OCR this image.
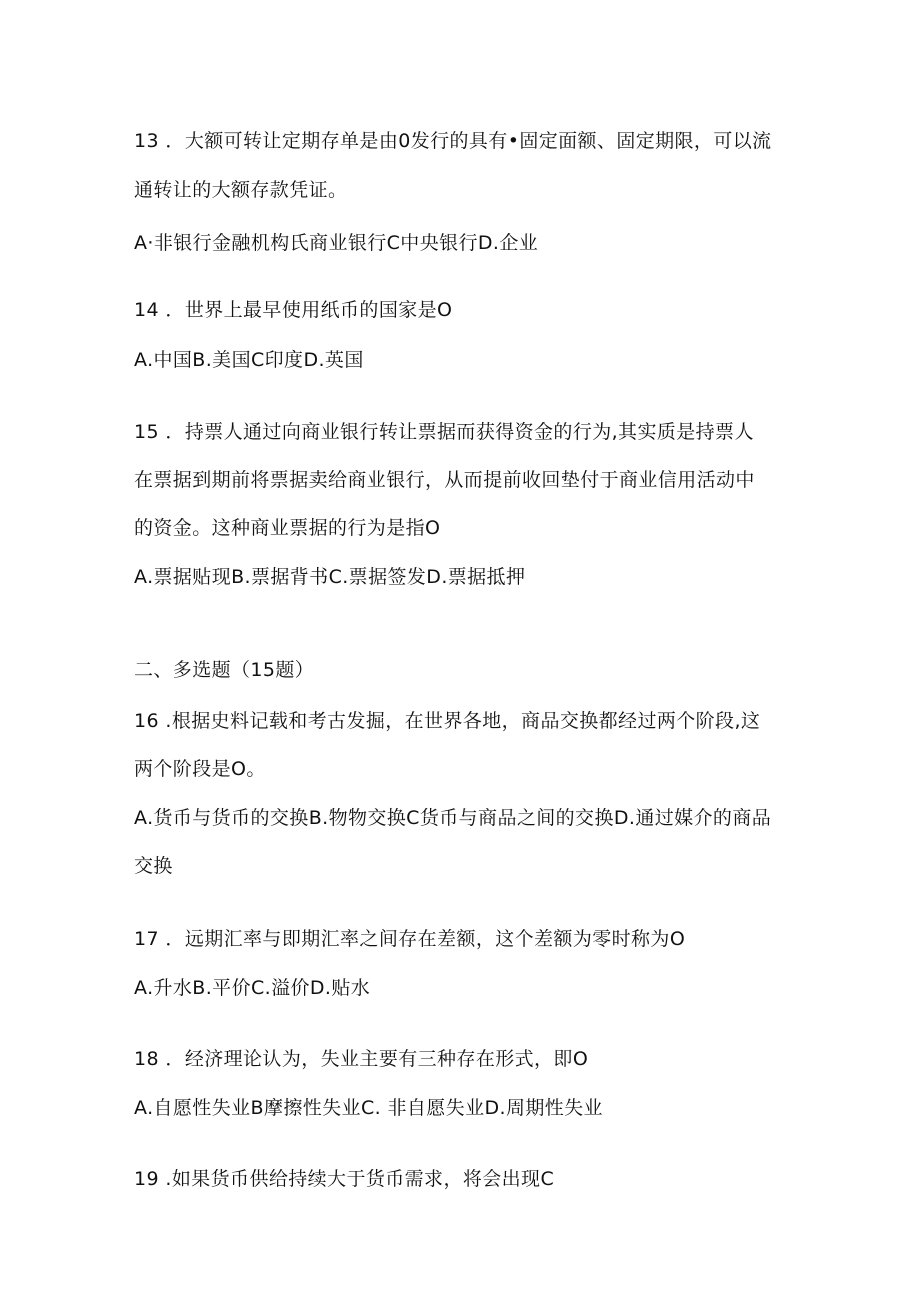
13 ．大额可转让定期存单是由0发行的具有•固定面额、固定期限，可以流
通转让的大额存款凭证。
A·非银行金融机构氏商业银行C中央银行D.企业
14 ．世界上最早使用纸币的国家是O
A.中国B.美国C印度D.英国
15 ．持票人通过向商业银行转让票据而获得资金的行为,其实质是持票人
在票据到期前将票据卖给商业银行，从而提前收回垫付于商业信用活动中
的资金。这种商业票据的行为是指O
A.票据贴现B.票据背书C.票据签发D.票据抵押
二、多选题（15题）
16 .根据史料记载和考古发掘，在世界各地，商品交换都经过两个阶段,这
两个阶段是O。
A.货币与货币的交换B.物物交换C货币与商品之间的交换D.通过媒介的商品
交换
17 ．远期汇率与即期汇率之间存在差额，这个差额为零时称为O
A.升水B.平价C.溢价D.贴水
18 ．经济理论认为，失业主要有三种存在形式，即O
A.自愿性失业B摩擦性失业C. 非自愿失业D.周期性失业
19 .如果货币供给持续大于货币需求，将会出现C
